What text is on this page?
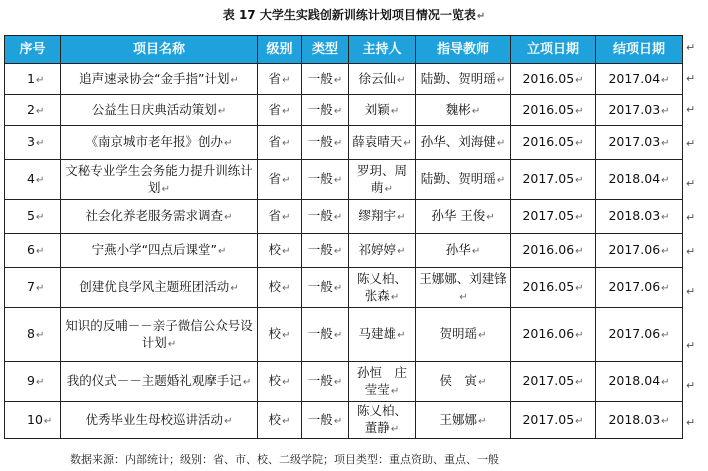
表 17 大学生实践创新训练计划项目情况一览表↵
序号	项目名称	级别	类型	主持人	指导教师	立项日期	结项日期
1↵	追声速录协会“金手指”计划↵	省↵	一般↵	徐云仙↵	陆勤、贺明瑶↵	2016.05↵	2017.04↵
2↵	公益生日庆典活动策划↵	省↵	一般↵	刘颖↵	魏彬↵	2016.05↵	2017.03↵
3↵	《南京城市老年报》创办↵	省↵	一般↵	薛袁晴天↵	孙华、刘海健↵	2016.05↵	2017.03↵
4↵	文秘专业学生会务能力提升训练计划↵	省↵	一般↵	罗玥、周萌↵	陆勤、贺明瑶↵	2017.05↵	2018.04↵
5↵	社会化养老服务需求调查↵	省↵	一般↵	缪翔宇↵	孙华 王俊↵	2017.05↵	2018.03↵
6↵	宁燕小学“四点后课堂”↵	校↵	一般↵	祁婷婷↵	孙华↵	2016.06↵	2017.06↵
7↵	创建优良学风主题班团活动↵	校↵	一般↵	陈乂柏、张森↵	王娜娜、刘建锋↵	2016.05↵	2017.06↵
8↵	知识的反哺－－亲子微信公众号设计划↵	校↵	一般↵	马建雄↵	贺明瑶↵	2016.06↵	2017.06↵
9↵	我的仪式－－主题婚礼观摩手记↵	校↵	一般↵	孙恒　庄莹莹↵	侯　寅↵	2017.05↵	2018.04↵
10↵	优秀毕业生母校巡讲活动↵	校↵	一般↵	陈乂柏、董静↵	王娜娜↵	2017.05↵	2018.03↵
↵
↵
↵
↵
↵
↵
↵
↵
↵
↵
↵
数据来源：内部统计；级别：省、市、校、二级学院；项目类型：重点资助、重点、一般
